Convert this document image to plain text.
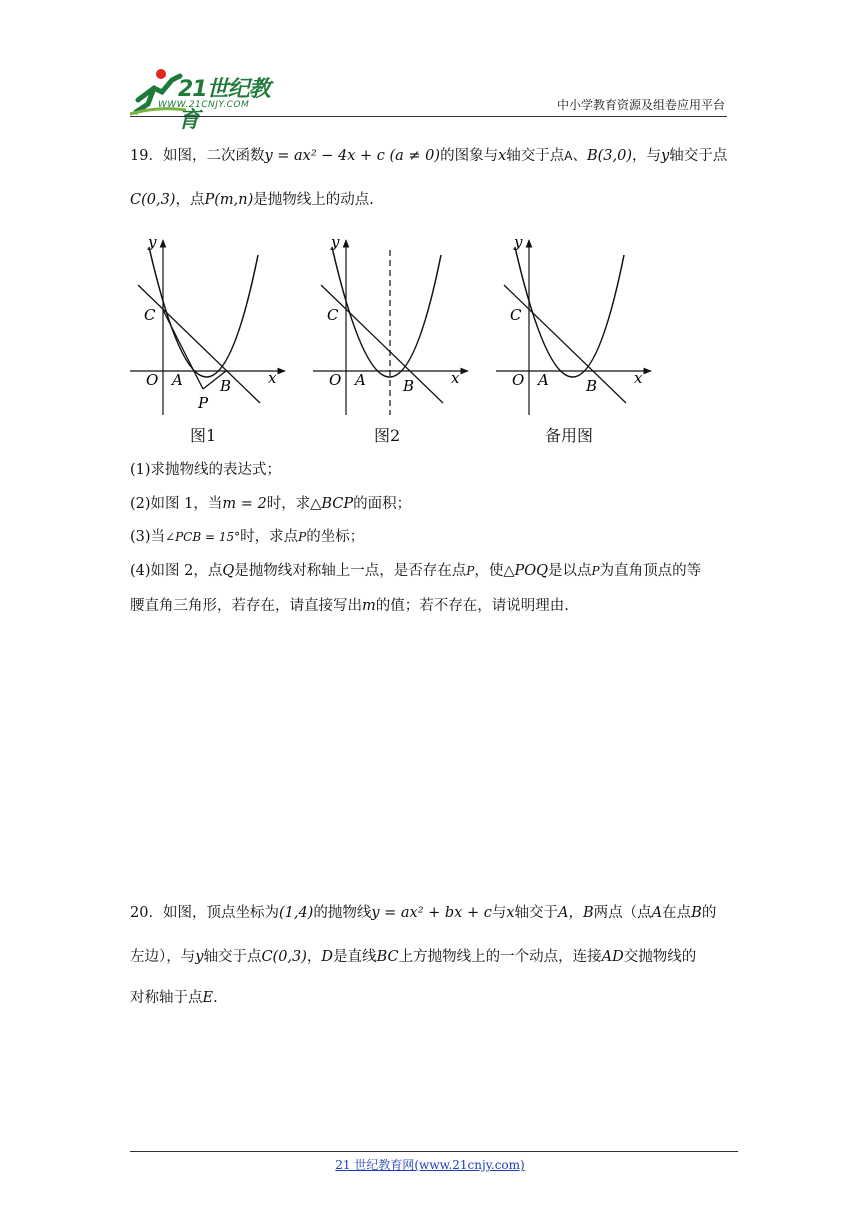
21世纪教育
WWW.21CNJY.COM	中小学教育资源及组卷应用平台
19．如图，二次函数y = ax² − 4x + c (a ≠ 0)的图象与x轴交于点A、B(3,0)，与y轴交于点
C(0,3)，点P(m,n)是抛物线上的动点.
x
y
O A B
C
P
x
y
O A B
C
x
y
O A B
C
图1	图2	备用图
(1)求抛物线的表达式；
(2)如图 1，当m = 2时，求△BCP的面积；
(3)当∠PCB = 15°时，求点P的坐标；
(4)如图 2，点Q是抛物线对称轴上一点，是否存在点P，使△POQ是以点P为直角顶点的等
腰直角三角形，若存在，请直接写出m的值；若不存在，请说明理由.
20．如图，顶点坐标为(1,4)的抛物线y = ax² + bx + c与x轴交于A，B两点（点A在点B的
左边），与y轴交于点C(0,3)，D是直线BC上方抛物线上的一个动点，连接AD交抛物线的
对称轴于点E.
21 世纪教育网(www.21cnjy.com)
